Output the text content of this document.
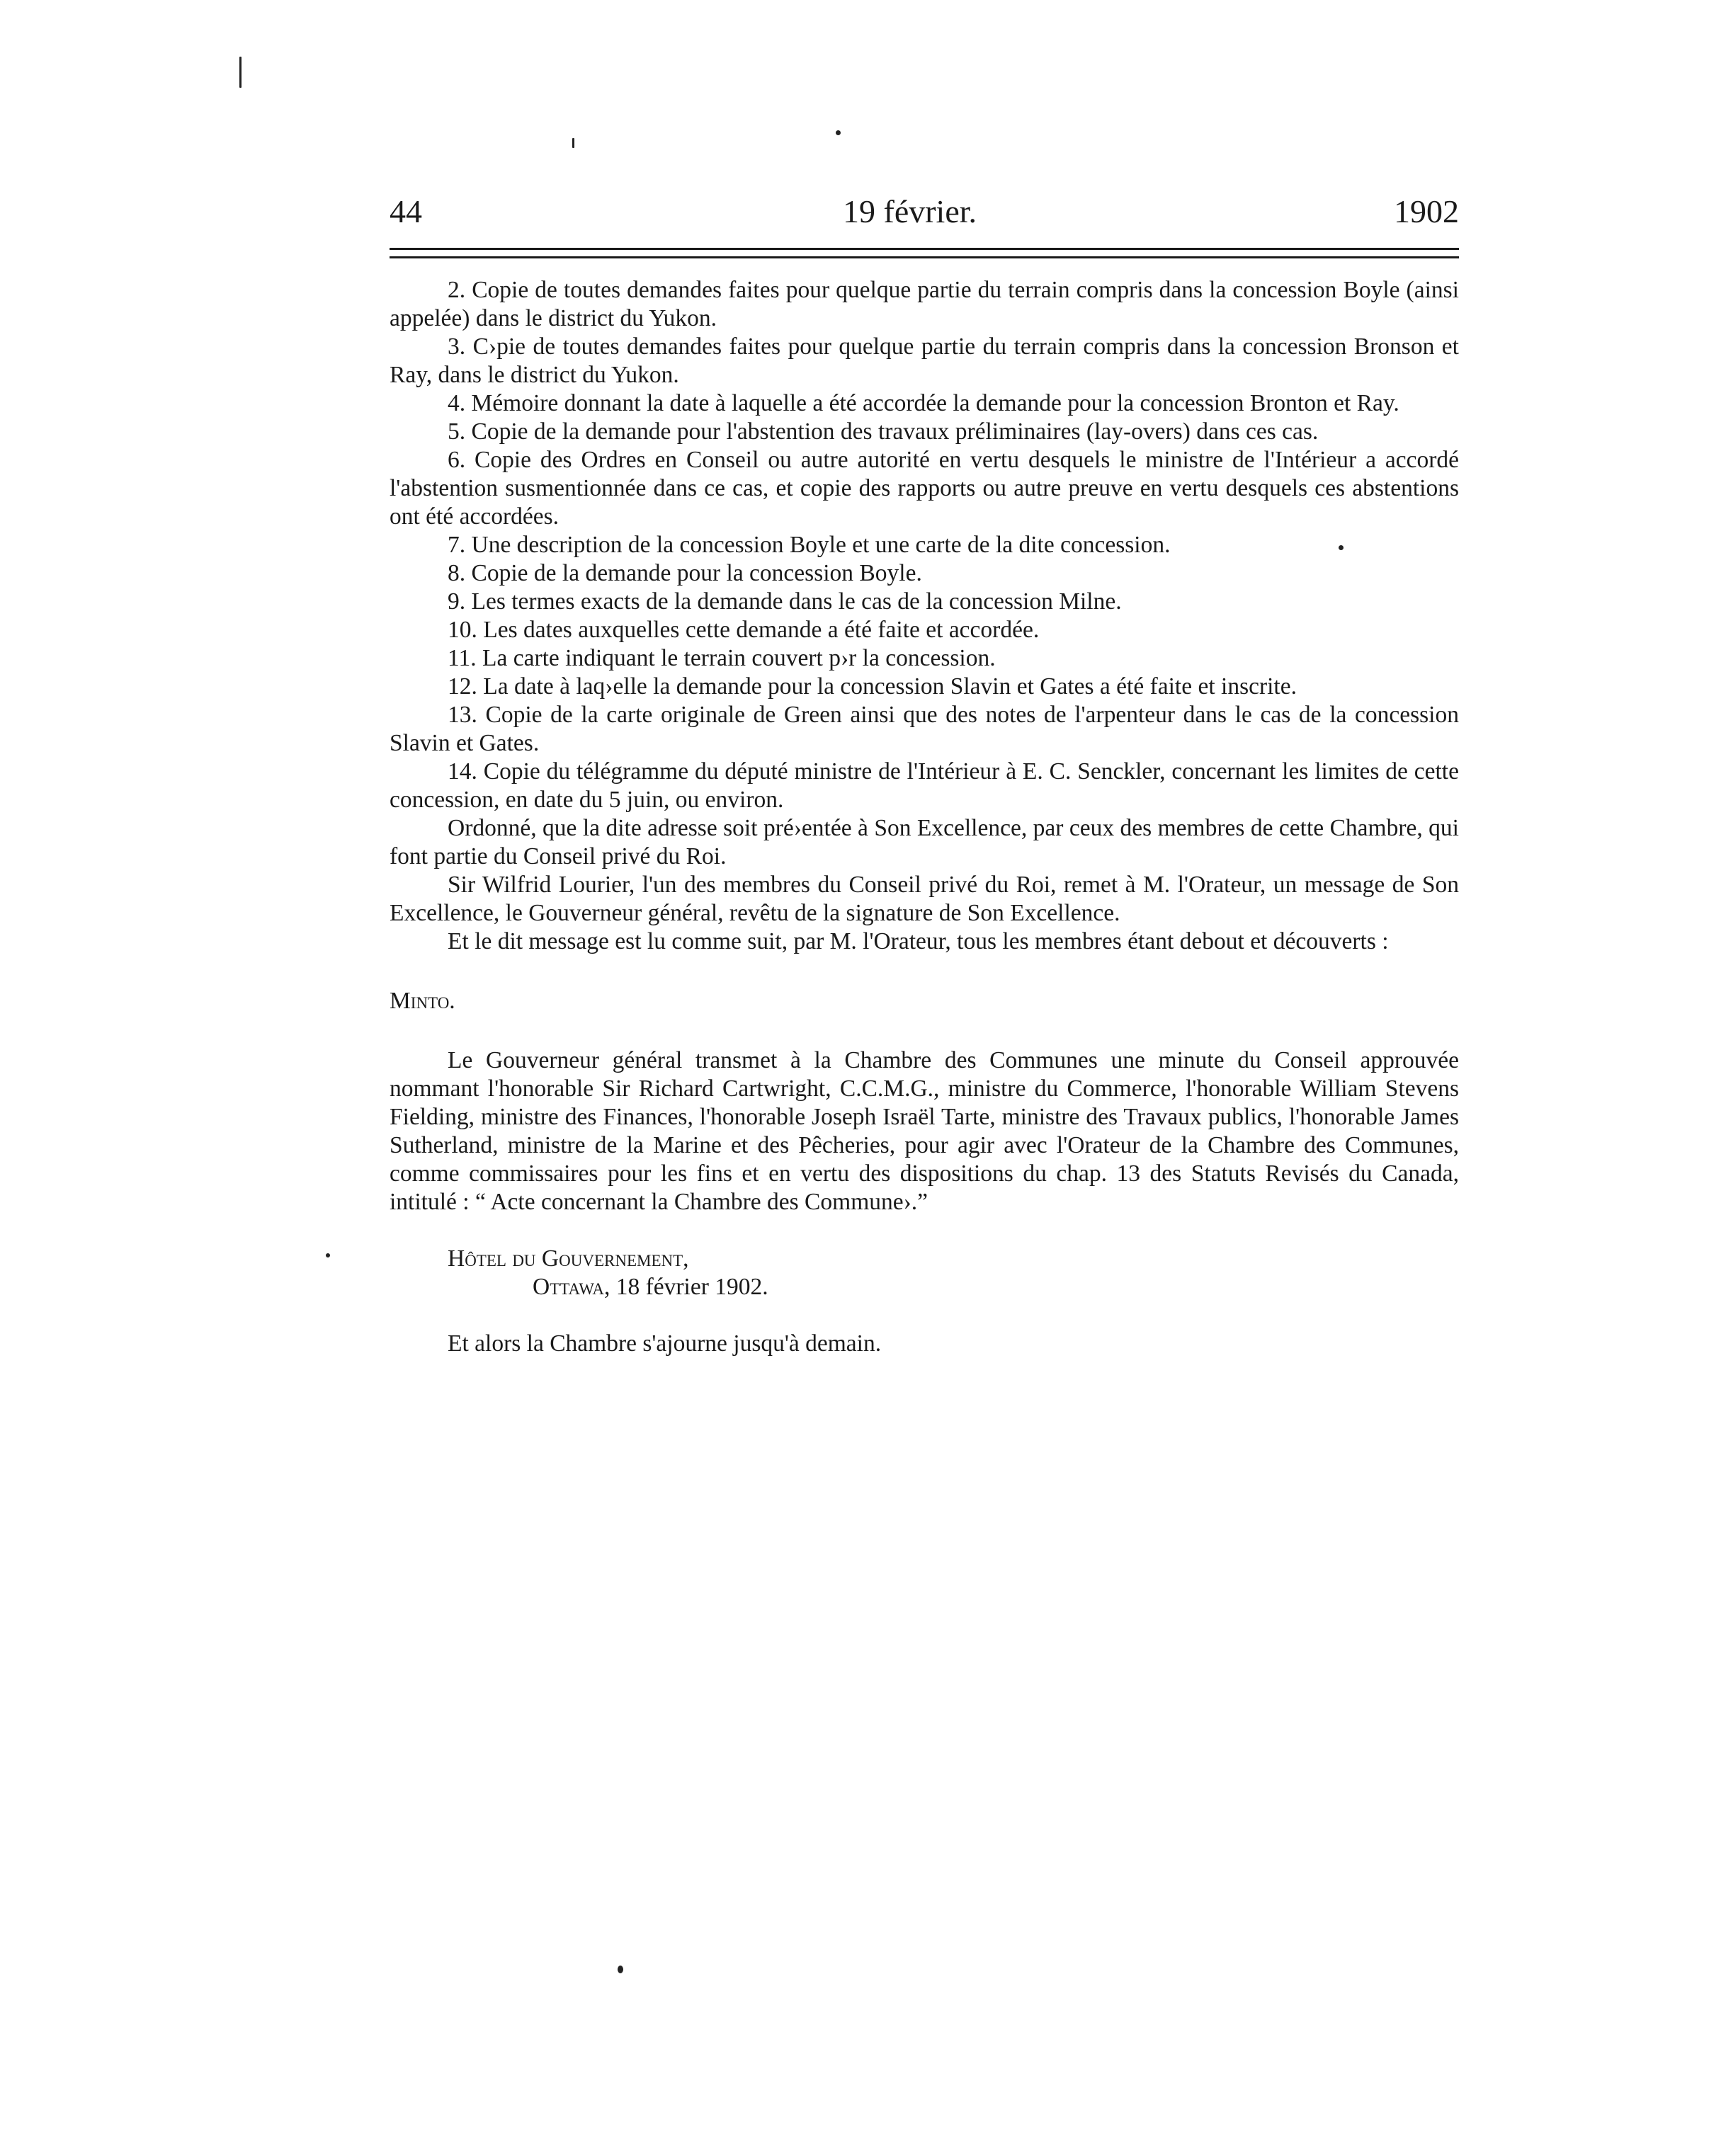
44	19 février.	1902

2. Copie de toutes demandes faites pour quelque partie du terrain compris dans la concession Boyle (ainsi appelée) dans le district du Yukon.

3. C›pie de toutes demandes faites pour quelque partie du terrain compris dans la concession Bronson et Ray, dans le district du Yukon.

4. Mémoire donnant la date à laquelle a été accordée la demande pour la concession Bronton et Ray.

5. Copie de la demande pour l'abstention des travaux préliminaires (lay-overs) dans ces cas.

6. Copie des Ordres en Conseil ou autre autorité en vertu desquels le ministre de l'Intérieur a accordé l'abstention susmentionnée dans ce cas, et copie des rapports ou autre preuve en vertu desquels ces abstentions ont été accordées.

7. Une description de la concession Boyle et une carte de la dite concession.

8. Copie de la demande pour la concession Boyle.

9. Les termes exacts de la demande dans le cas de la concession Milne.

10. Les dates auxquelles cette demande a été faite et accordée.

11. La carte indiquant le terrain couvert p›r la concession.

12. La date à laq›elle la demande pour la concession Slavin et Gates a été faite et inscrite.

13. Copie de la carte originale de Green ainsi que des notes de l'arpenteur dans le cas de la concession Slavin et Gates.

14. Copie du télégramme du député ministre de l'Intérieur à E. C. Senckler, concernant les limites de cette concession, en date du 5 juin, ou environ.

Ordonné, que la dite adresse soit pré›entée à Son Excellence, par ceux des membres de cette Chambre, qui font partie du Conseil privé du Roi.

Sir Wilfrid Lourier, l'un des membres du Conseil privé du Roi, remet à M. l'Orateur, un message de Son Excellence, le Gouverneur général, revêtu de la signature de Son Excellence.

Et le dit message est lu comme suit, par M. l'Orateur, tous les membres étant debout et découverts :

Minto.

Le Gouverneur général transmet à la Chambre des Communes une minute du Conseil approuvée nommant l'honorable Sir Richard Cartwright, C.C.M.G., ministre du Commerce, l'honorable William Stevens Fielding, ministre des Finances, l'honorable Joseph Israël Tarte, ministre des Travaux publics, l'honorable James Sutherland, ministre de la Marine et des Pêcheries, pour agir avec l'Orateur de la Chambre des Communes, comme commissaires pour les fins et en vertu des dispositions du chap. 13 des Statuts Revisés du Canada, intitulé : “ Acte concernant la Chambre des Commune›.”

Hôtel du Gouvernement,

Ottawa, 18 février 1902.

Et alors la Chambre s'ajourne jusqu'à demain.
